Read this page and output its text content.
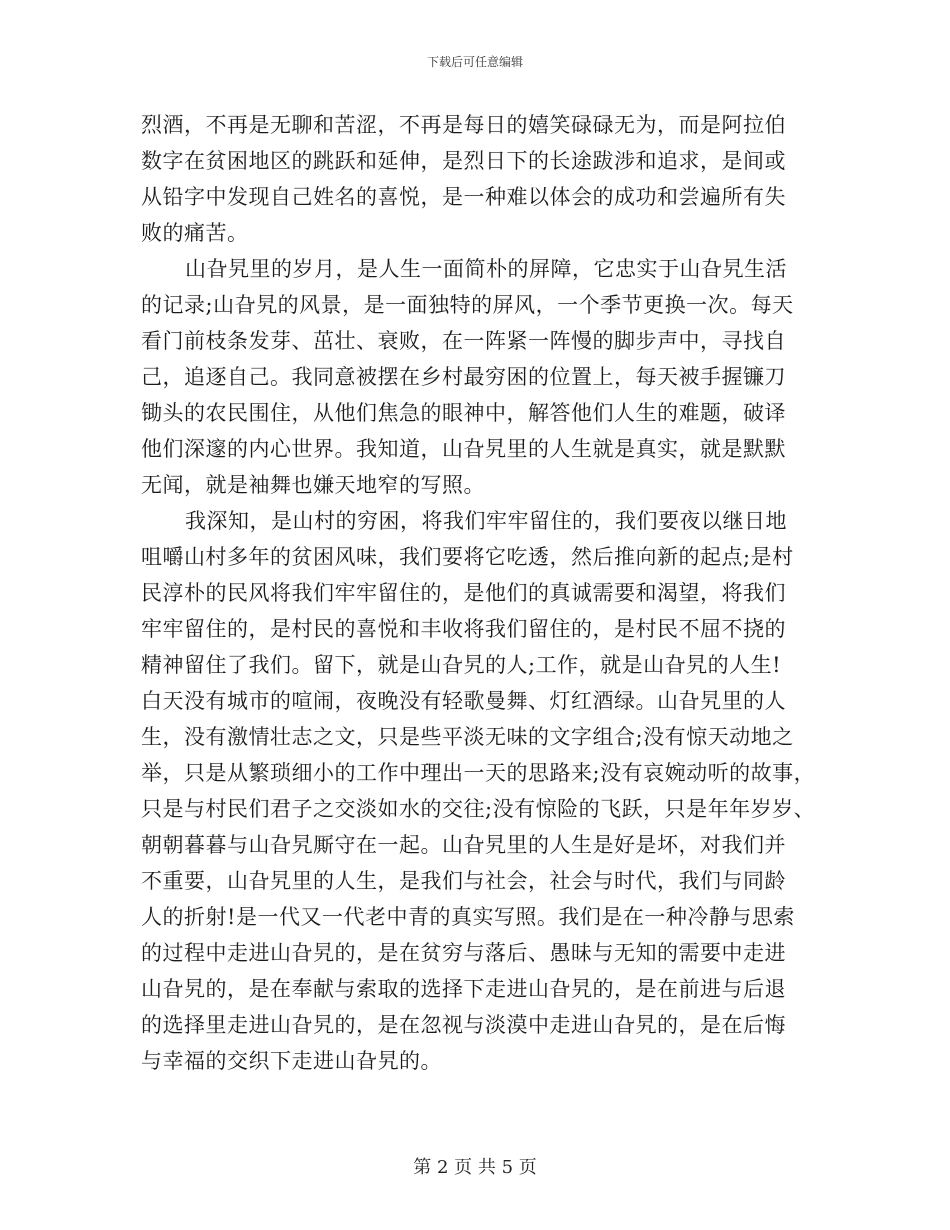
下载后可任意编辑
烈酒，不再是无聊和苦涩，不再是每日的嬉笑碌碌无为，而是阿拉伯
数字在贫困地区的跳跃和延伸，是烈日下的长途跋涉和追求，是间或
从铅字中发现自己姓名的喜悦，是一种难以体会的成功和尝遍所有失
败的痛苦。
山旮旯里的岁月，是人生一面简朴的屏障，它忠实于山旮旯生活
的记录;山旮旯的风景，是一面独特的屏风，一个季节更换一次。每天
看门前枝条发芽、茁壮、衰败，在一阵紧一阵慢的脚步声中，寻找自
己，追逐自己。我同意被摆在乡村最穷困的位置上，每天被手握镰刀
锄头的农民围住，从他们焦急的眼神中，解答他们人生的难题，破译
他们深邃的内心世界。我知道，山旮旯里的人生就是真实，就是默默
无闻，就是袖舞也嫌天地窄的写照。
我深知，是山村的穷困，将我们牢牢留住的，我们要夜以继日地
咀嚼山村多年的贫困风味，我们要将它吃透，然后推向新的起点;是村
民淳朴的民风将我们牢牢留住的，是他们的真诚需要和渴望，将我们
牢牢留住的，是村民的喜悦和丰收将我们留住的，是村民不屈不挠的
精神留住了我们。留下，就是山旮旯的人;工作，就是山旮旯的人生!
白天没有城市的喧闹，夜晚没有轻歌曼舞、灯红酒绿。山旮旯里的人
生，没有激情壮志之文，只是些平淡无味的文字组合;没有惊天动地之
举，只是从繁琐细小的工作中理出一天的思路来;没有哀婉动听的故事，
只是与村民们君子之交淡如水的交往;没有惊险的飞跃，只是年年岁岁、
朝朝暮暮与山旮旯厮守在一起。山旮旯里的人生是好是坏，对我们并
不重要，山旮旯里的人生，是我们与社会，社会与时代，我们与同龄
人的折射!是一代又一代老中青的真实写照。我们是在一种冷静与思索
的过程中走进山旮旯的，是在贫穷与落后、愚昧与无知的需要中走进
山旮旯的，是在奉献与索取的选择下走进山旮旯的，是在前进与后退
的选择里走进山旮旯的，是在忽视与淡漠中走进山旮旯的，是在后悔
与幸福的交织下走进山旮旯的。
第 2 页 共 5 页
